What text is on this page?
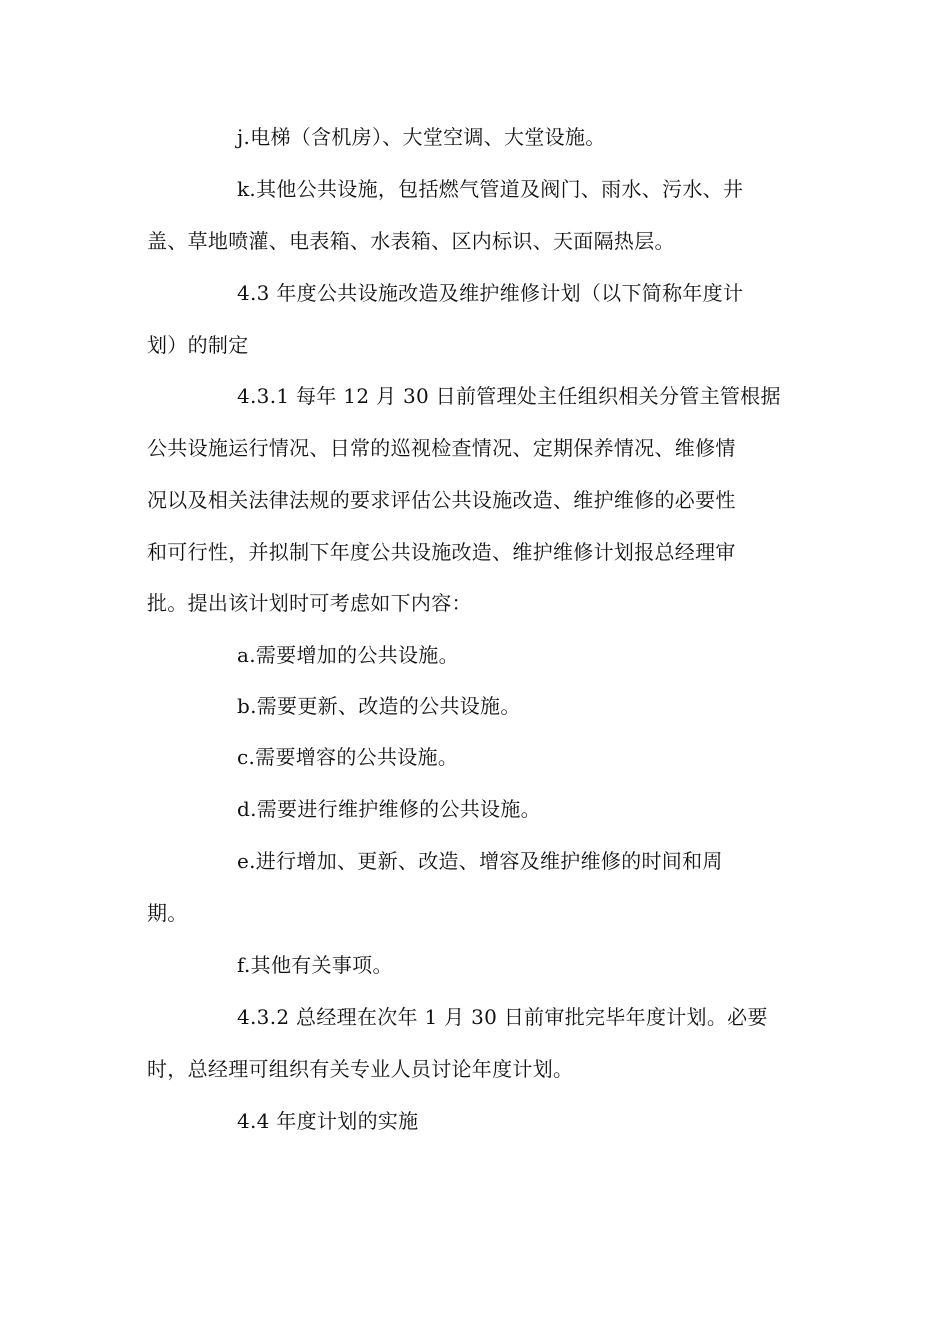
j.电梯（含机房）、大堂空调、大堂设施。
k.其他公共设施，包括燃气管道及阀门、雨水、污水、井
盖、草地喷灌、电表箱、水表箱、区内标识、天面隔热层。
4.3 年度公共设施改造及维护维修计划（以下简称年度计
划）的制定
4.3.1 每年 12 月 30 日前管理处主任组织相关分管主管根据
公共设施运行情况、日常的巡视检查情况、定期保养情况、维修情
况以及相关法律法规的要求评估公共设施改造、维护维修的必要性
和可行性，并拟制下年度公共设施改造、维护维修计划报总经理审
批。提出该计划时可考虑如下内容：
a.需要增加的公共设施。
b.需要更新、改造的公共设施。
c.需要增容的公共设施。
d.需要进行维护维修的公共设施。
e.进行增加、更新、改造、增容及维护维修的时间和周
期。
f.其他有关事项。
4.3.2 总经理在次年 1 月 30 日前审批完毕年度计划。必要
时，总经理可组织有关专业人员讨论年度计划。
4.4 年度计划的实施
